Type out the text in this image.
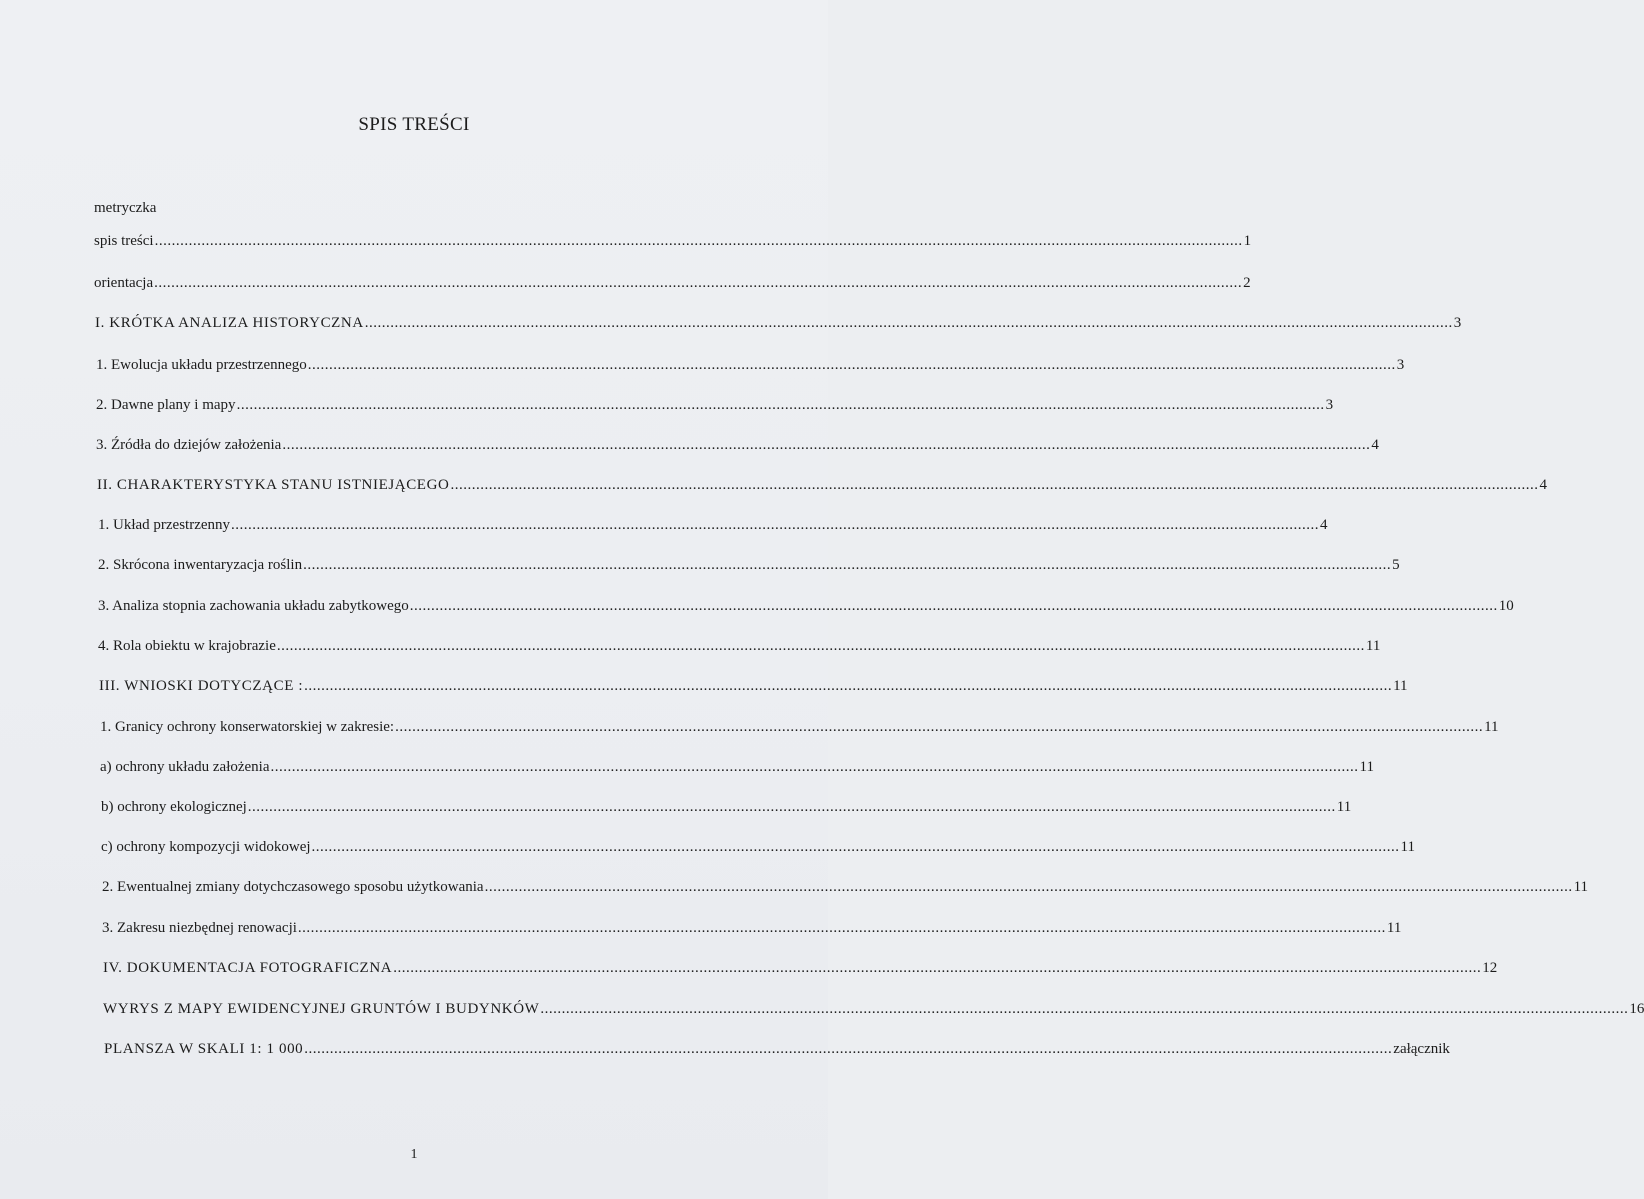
SPIS TREŚCI
metryczka
spis treści ................................................................................................................................................................................................................................................................ 1
orientacja ................................................................................................................................................................................................................................................................ 2
I. KRÓTKA ANALIZA HISTORYCZNA ................................................................................................................................................................................................................................................................ 3
1. Ewolucja układu przestrzennego ................................................................................................................................................................................................................................................................ 3
2. Dawne plany i mapy ................................................................................................................................................................................................................................................................ 3
3. Źródła do dziejów założenia ................................................................................................................................................................................................................................................................ 4
II. CHARAKTERYSTYKA STANU ISTNIEJĄCEGO ................................................................................................................................................................................................................................................................ 4
1. Układ przestrzenny ................................................................................................................................................................................................................................................................ 4
2. Skrócona inwentaryzacja roślin ................................................................................................................................................................................................................................................................ 5
3. Analiza stopnia zachowania układu zabytkowego ................................................................................................................................................................................................................................................................ 10
4. Rola obiektu w krajobrazie ................................................................................................................................................................................................................................................................ 11
III. WNIOSKI DOTYCZĄCE : ................................................................................................................................................................................................................................................................ 11
1. Granicy ochrony konserwatorskiej w zakresie: ................................................................................................................................................................................................................................................................ 11
a) ochrony układu założenia ................................................................................................................................................................................................................................................................ 11
b) ochrony ekologicznej ................................................................................................................................................................................................................................................................ 11
c) ochrony kompozycji widokowej ................................................................................................................................................................................................................................................................ 11
2. Ewentualnej zmiany dotychczasowego sposobu użytkowania ................................................................................................................................................................................................................................................................ 11
3. Zakresu niezbędnej renowacji ................................................................................................................................................................................................................................................................ 11
IV. DOKUMENTACJA FOTOGRAFICZNA ................................................................................................................................................................................................................................................................ 12
WYRYS Z MAPY EWIDENCYJNEJ GRUNTÓW I BUDYNKÓW ................................................................................................................................................................................................................................................................ 16
PLANSZA W SKALI 1: 1 000 ................................................................................................................................................................................................................................................................ załącznik
1
